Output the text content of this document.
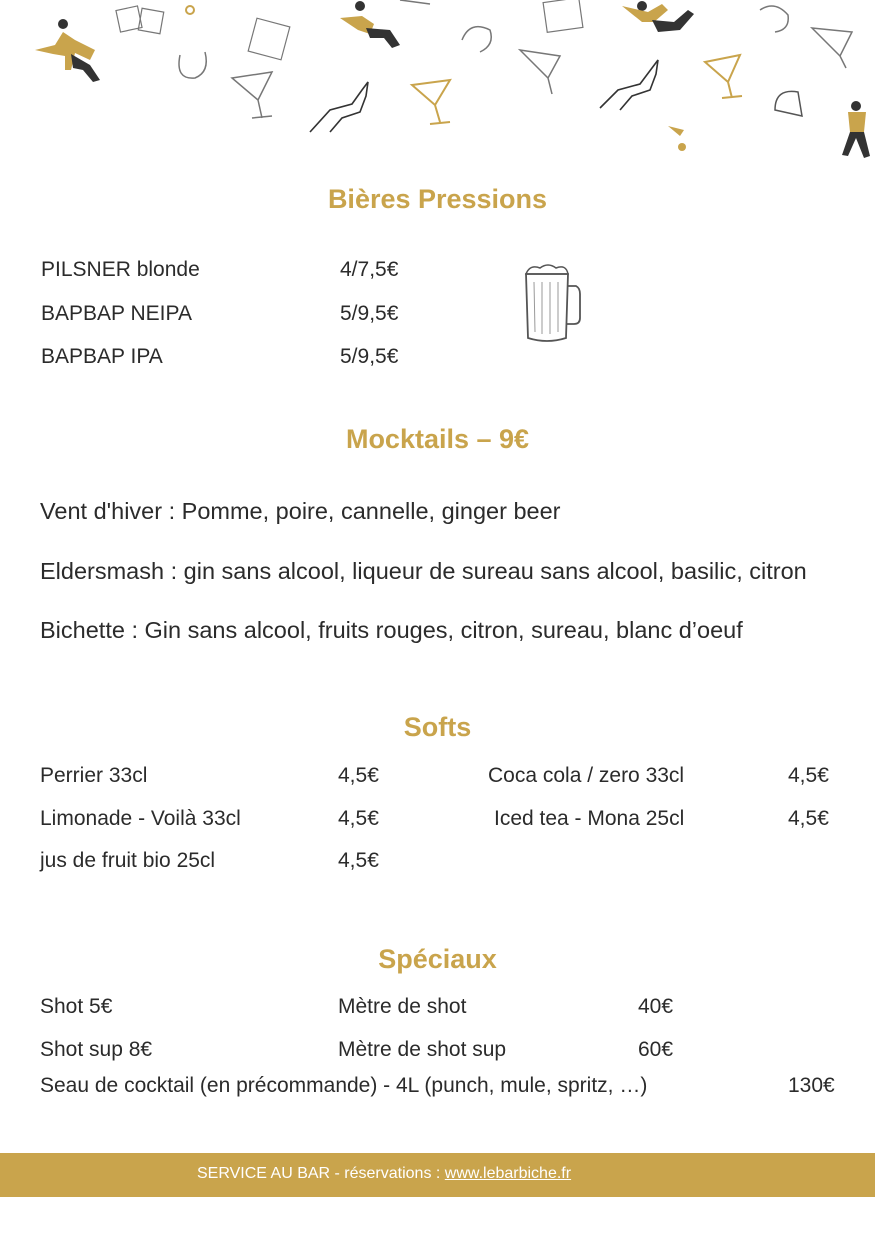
Bières Pressions

PILSNER blonde	4/7,5€

BAPBAP NEIPA	5/9,5€

BAPBAP IPA	5/9,5€

Mocktails – 9€

Vent d'hiver : Pomme, poire, cannelle, ginger beer

Eldersmash : gin sans alcool, liqueur de sureau sans alcool, basilic, citron

Bichette : Gin sans alcool, fruits rouges, citron, sureau, blanc d’oeuf

Softs

Perrier 33cl	4,5€	Coca cola / zero 33cl	4,5€

Limonade - Voilà 33cl	4,5€	Iced tea - Mona 25cl	4,5€

jus de fruit bio 25cl	4,5€

Spéciaux

Shot 5€	Mètre de shot	40€

Shot sup 8€	Mètre de shot sup	60€

Seau de cocktail (en précommande) - 4L (punch, mule, spritz, …)	130€

SERVICE AU BAR - réservations : www.lebarbiche.fr
